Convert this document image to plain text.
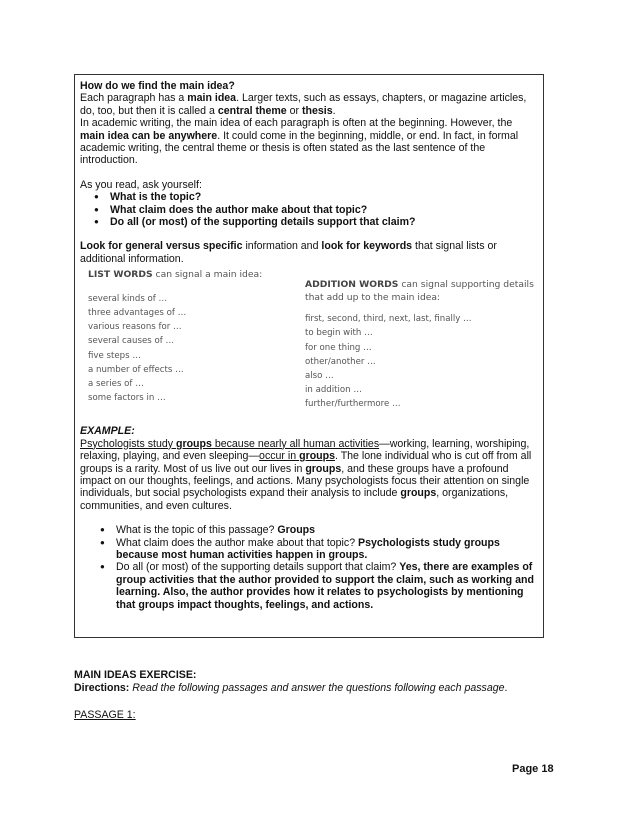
How do we find the main idea?

Each paragraph has a main idea. Larger texts, such as essays, chapters, or magazine articles, do, too, but then it is called a central theme or thesis.

In academic writing, the main idea of each paragraph is often at the beginning. However, the main idea can be anywhere. It could come in the beginning, middle, or end. In fact, in formal academic writing, the central theme or thesis is often stated as the last sentence of the introduction.

As you read, ask yourself:

● What is the topic?
● What claim does the author make about that topic?
● Do all (or most) of the supporting details support that claim?

Look for general versus specific information and look for keywords that signal lists or additional information.

LIST WORDS can signal a main idea:
several kinds of …
three advantages of …
various reasons for …
several causes of …
five steps …
a number of effects …
a series of …
some factors in …
ADDITION WORDS can signal supporting details
that add up to the main idea:
first, second, third, next, last, finally …
to begin with …
for one thing …
other/another …
also …
in addition …
further/furthermore …

EXAMPLE:

Psychologists study groups because nearly all human activities—working, learning, worshiping, relaxing, playing, and even sleeping—occur in groups. The lone individual who is cut off from all groups is a rarity. Most of us live out our lives in groups, and these groups have a profound impact on our thoughts, feelings, and actions. Many psychologists focus their attention on single individuals, but social psychologists expand their analysis to include groups, organizations, communities, and even cultures.

● What is the topic of this passage? Groups
● What claim does the author make about that topic? Psychologists study groups because most human activities happen in groups.
● Do all (or most) of the supporting details support that claim? Yes, there are examples of group activities that the author provided to support the claim, such as working and learning. Also, the author provides how it relates to psychologists by mentioning that groups impact thoughts, feelings, and actions.

MAIN IDEAS EXERCISE:

Directions: Read the following passages and answer the questions following each passage.

PASSAGE 1:

Page 18
